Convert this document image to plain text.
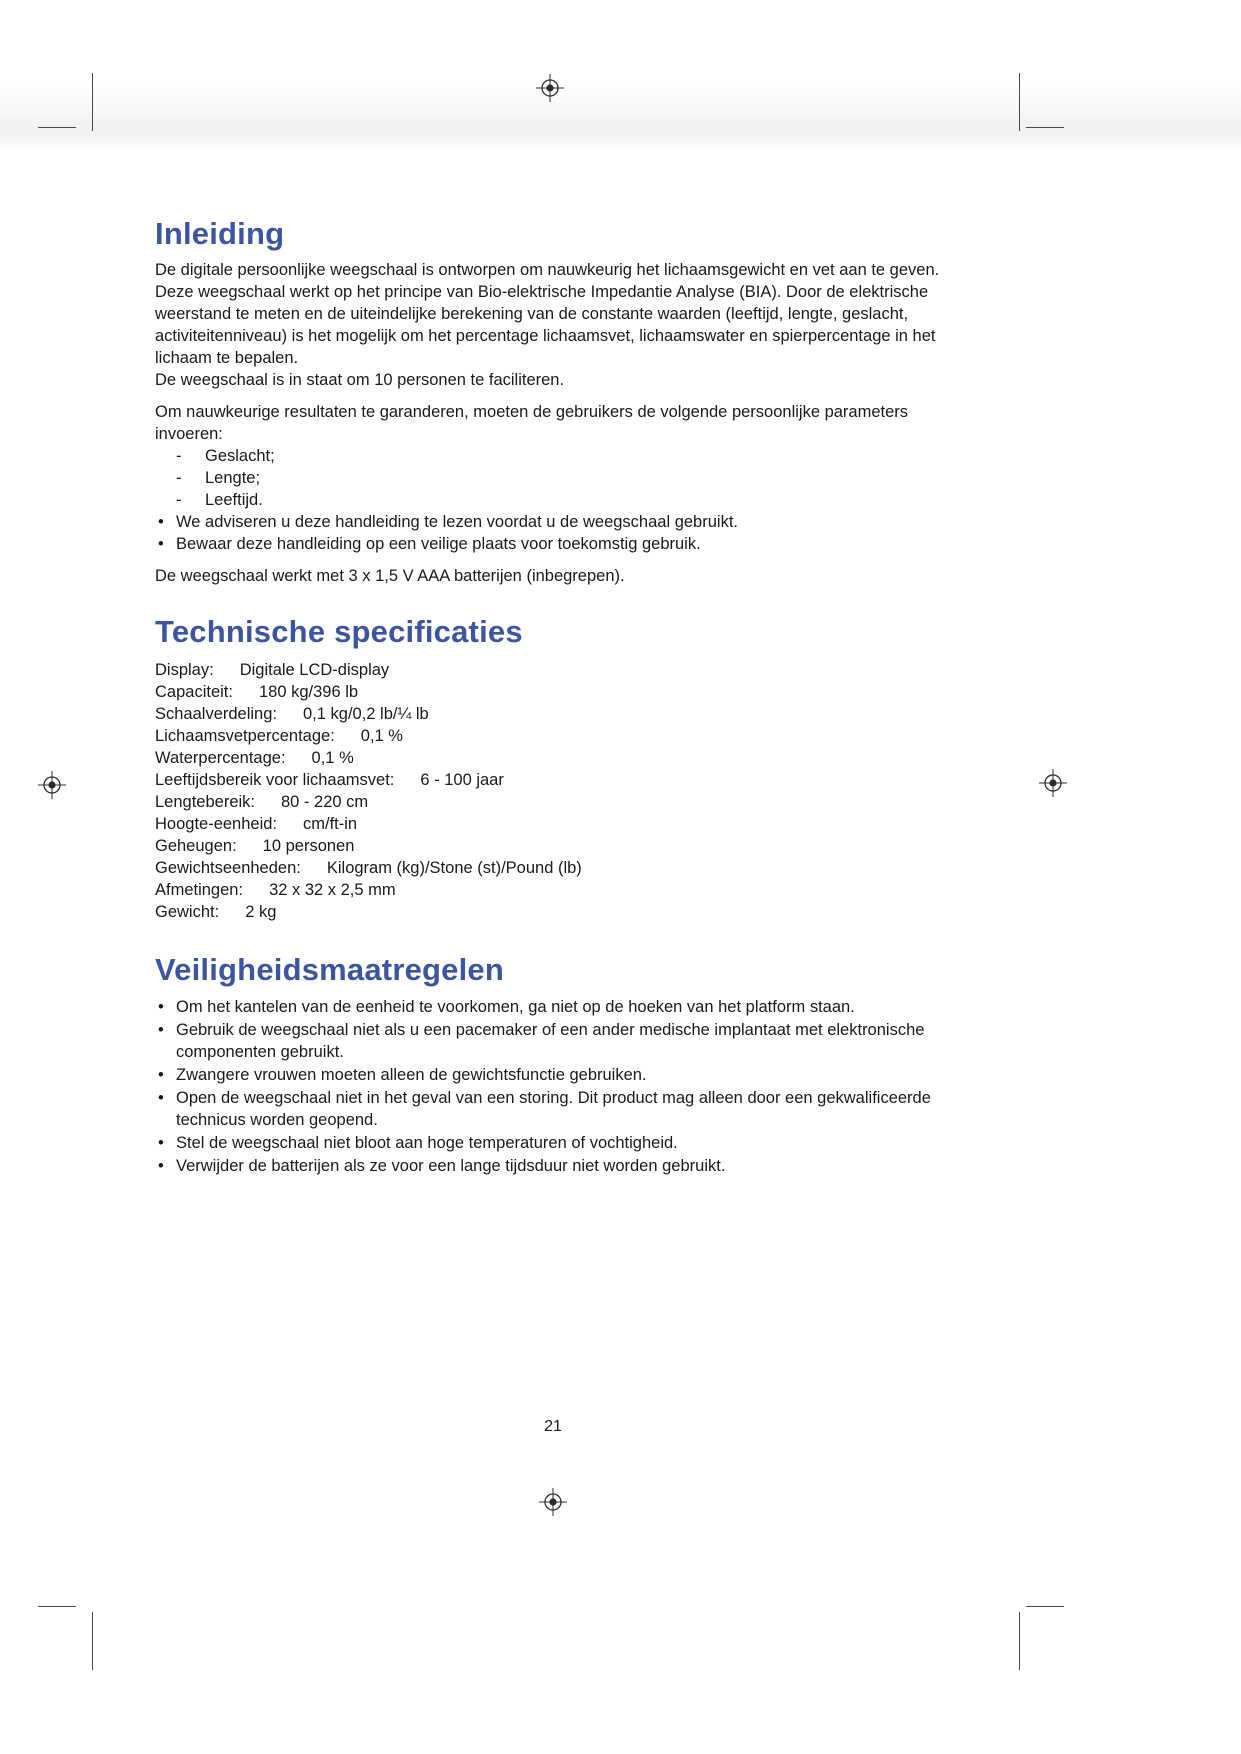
Inleiding

De digitale persoonlijke weegschaal is ontworpen om nauwkeurig het lichaamsgewicht en vet aan te geven. Deze weegschaal werkt op het principe van Bio-elektrische Impedantie Analyse (BIA). Door de elektrische weerstand te meten en de uiteindelijke berekening van de constante waarden (leeftijd, lengte, geslacht, activiteitenniveau) is het mogelijk om het percentage lichaamsvet, lichaamswater en spierpercentage in het lichaam te bepalen.

De weegschaal is in staat om 10 personen te faciliteren.

Om nauwkeurige resultaten te garanderen, moeten de gebruikers de volgende persoonlijke parameters invoeren:

-	Geslacht;
-	Lengte;
-	Leeftijd.
• We adviseren u deze handleiding te lezen voordat u de weegschaal gebruikt.
• Bewaar deze handleiding op een veilige plaats voor toekomstig gebruik.

De weegschaal werkt met 3 x 1,5 V AAA batterijen (inbegrepen).

Technische specificaties
Display: Digitale LCD-display
Capaciteit: 180 kg/396 lb
Schaalverdeling: 0,1 kg/0,2 lb/¼ lb
Lichaamsvetpercentage: 0,1 %
Waterpercentage: 0,1 %
Leeftijdsbereik voor lichaamsvet: 6 - 100 jaar
Lengtebereik: 80 - 220 cm
Hoogte-eenheid: cm/ft-in
Geheugen: 10 personen
Gewichtseenheden: Kilogram (kg)/Stone (st)/Pound (lb)
Afmetingen: 32 x 32 x 2,5 mm
Gewicht: 2 kg
Veiligheidsmaatregelen
• Om het kantelen van de eenheid te voorkomen, ga niet op de hoeken van het platform staan.
• Gebruik de weegschaal niet als u een pacemaker of een ander medische implantaat met elektronische componenten gebruikt.
• Zwangere vrouwen moeten alleen de gewichtsfunctie gebruiken.
• Open de weegschaal niet in het geval van een storing. Dit product mag alleen door een gekwalificeerde technicus worden geopend.
• Stel de weegschaal niet bloot aan hoge temperaturen of vochtigheid.
• Verwijder de batterijen als ze voor een lange tijdsduur niet worden gebruikt.
21
